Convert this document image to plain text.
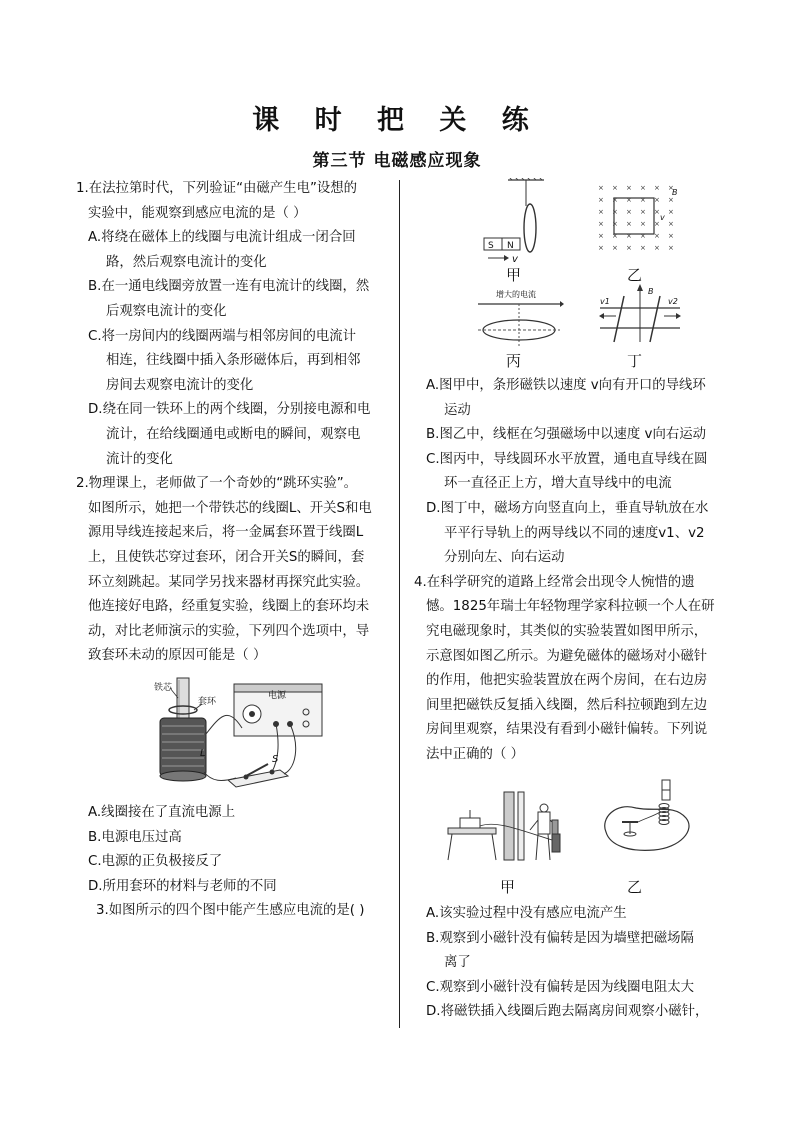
课 时 把 关 练
第三节 电磁感应现象
1.在法拉第时代，下列验证“由磁产生电”设想的
实验中，能观察到感应电流的是（ ）
A.将绕在磁体上的线圈与电流计组成一闭合回
路，然后观察电流计的变化
B.在一通电线圈旁放置一连有电流计的线圈，然
后观察电流计的变化
C.将一房间内的线圈两端与相邻房间的电流计
相连，往线圈中插入条形磁体后，再到相邻
房间去观察电流计的变化
D.绕在同一铁环上的两个线圈，分别接电源和电
流计，在给线圈通电或断电的瞬间，观察电
流计的变化
2.物理课上，老师做了一个奇妙的“跳环实验”。
如图所示，她把一个带铁芯的线圈L、开关S和电
源用导线连接起来后，将一金属套环置于线圈L
上，且使铁芯穿过套环，闭合开关S的瞬间，套
环立刻跳起。某同学另找来器材再探究此实验。
他连接好电路，经重复实验，线圈上的套环均未
动，对比老师演示的实验，下列四个选项中，导
致套环未动的原因可能是（ ）
铁芯
套环
电源
L
S
A.线圈接在了直流电源上
B.电源电压过高
C.电源的正负极接反了
D.所用套环的材料与老师的不同
3.如图所示的四个图中能产生感应电流的是( )
S N
v
甲
B
v
× × × × × ×
× × × × × ×
× × × × × ×
× × × × × ×
× × × × × ×
× × × × × ×
乙
增大的电流
丙
B
v1	v2
丁
A.图甲中，条形磁铁以速度 v向有开口的导线环
运动
B.图乙中，线框在匀强磁场中以速度 v向右运动
C.图丙中，导线圆环水平放置，通电直导线在圆
环一直径正上方，增大直导线中的电流
D.图丁中，磁场方向竖直向上，垂直导轨放在水
平平行导轨上的两导线以不同的速度v1、v2
分别向左、向右运动
4.在科学研究的道路上经常会出现令人惋惜的遗
憾。1825年瑞士年轻物理学家科拉顿一个人在研
究电磁现象时，其类似的实验装置如图甲所示，
示意图如图乙所示。为避免磁体的磁场对小磁针
的作用，他把实验装置放在两个房间，在右边房
间里把磁铁反复插入线圈，然后科拉顿跑到左边
房间里观察，结果没有看到小磁针偏转。下列说
法中正确的（ ）
甲	乙
A.该实验过程中没有感应电流产生
B.观察到小磁针没有偏转是因为墙壁把磁场隔
离了
C.观察到小磁针没有偏转是因为线圈电阻太大
D.将磁铁插入线圈后跑去隔离房间观察小磁针，
